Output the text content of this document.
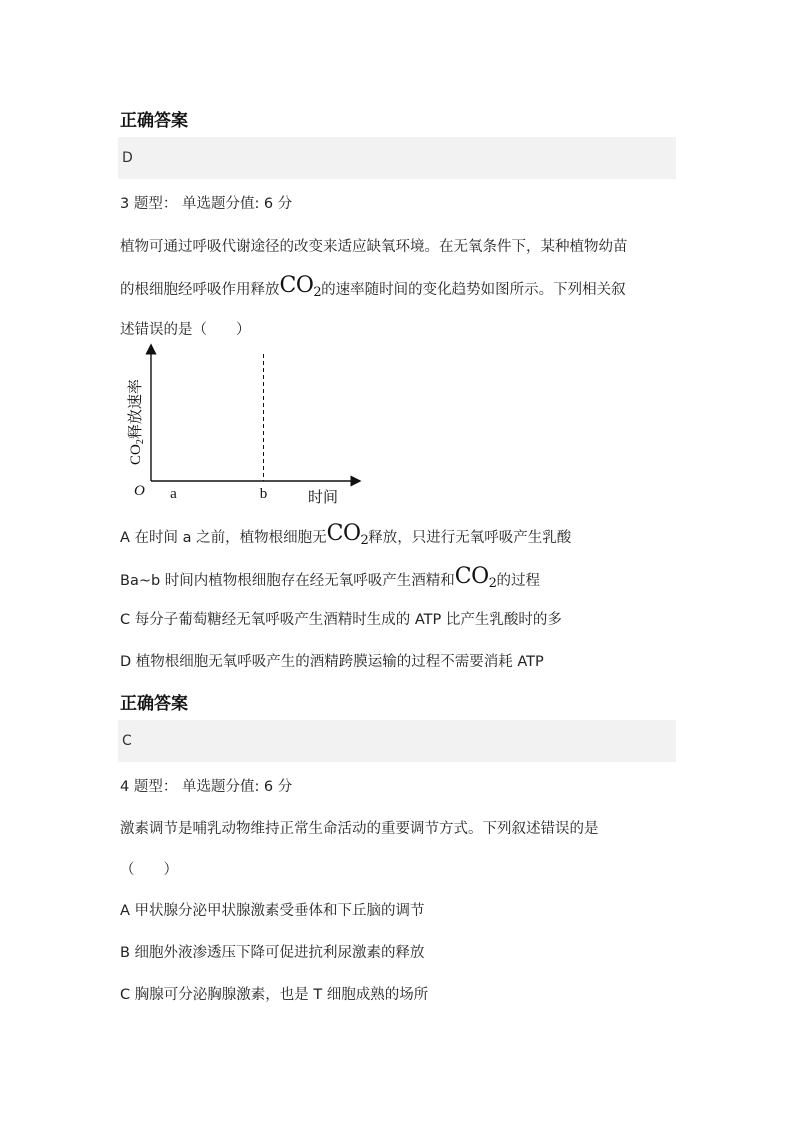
正确答案
D
3 题型： 单选题分值: 6 分
植物可通过呼吸代谢途径的改变来适应缺氧环境。在无氧条件下，某种植物幼苗
的根细胞经呼吸作用释放$CO_2$的速率随时间的变化趋势如图所示。下列相关叙
述错误的是（　　）
O a	b	时间
$CO_2$释放速率
A 在时间 a 之前，植物根细胞无$CO_2$释放，只进行无氧呼吸产生乳酸
Ba~b 时间内植物根细胞存在经无氧呼吸产生酒精和$CO_2$的过程
C 每分子葡萄糖经无氧呼吸产生酒精时生成的 ATP 比产生乳酸时的多
D 植物根细胞无氧呼吸产生的酒精跨膜运输的过程不需要消耗 ATP
正确答案
C
4 题型： 单选题分值: 6 分
激素调节是哺乳动物维持正常生命活动的重要调节方式。下列叙述错误的是
（　　）
A 甲状腺分泌甲状腺激素受垂体和下丘脑的调节
B 细胞外液渗透压下降可促进抗利尿激素的释放
C 胸腺可分泌胸腺激素，也是 T 细胞成熟的场所
